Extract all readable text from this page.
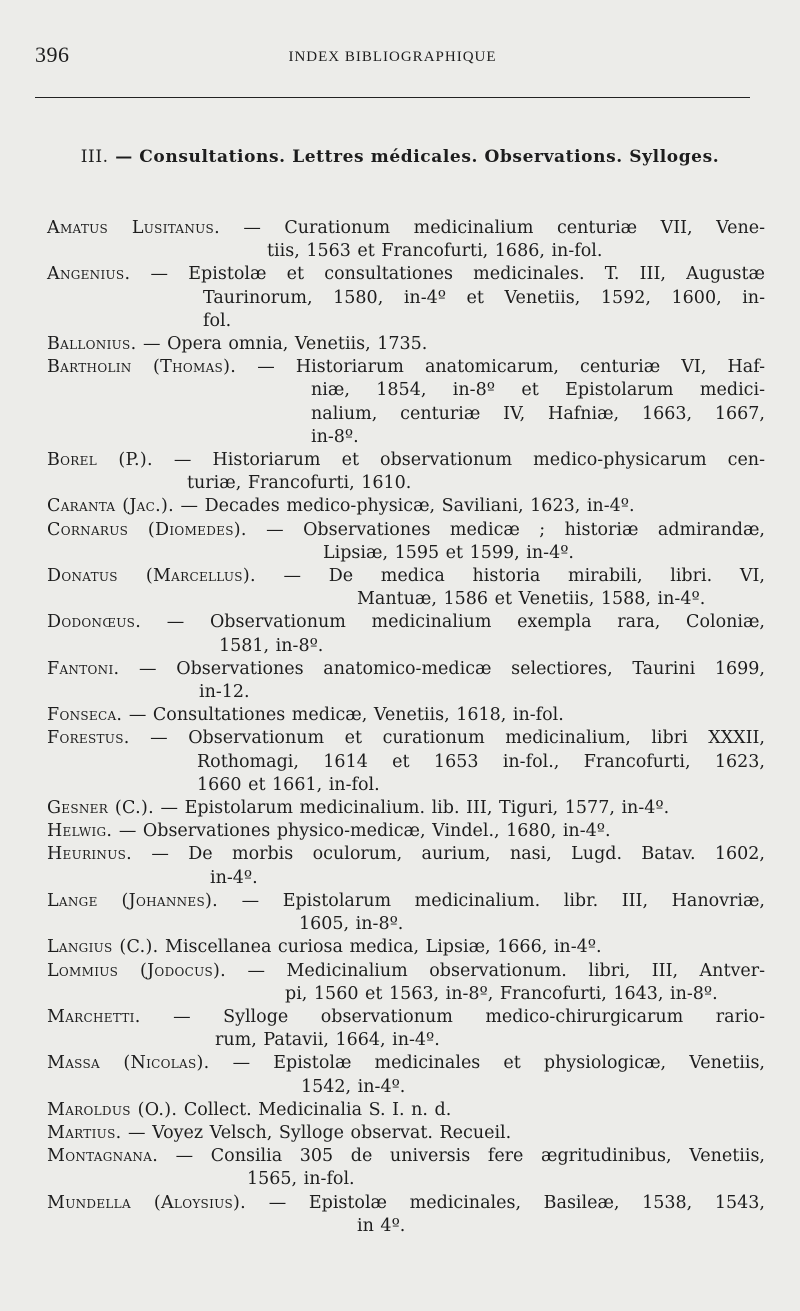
396	INDEX BIBLIOGRAPHIQUE
III. — Consultations. Lettres médicales. Observations. Sylloges.
Amatus Lusitanus. — Curationum medicinalium centuriæ VII, Vene-
tiis, 1563 et Francofurti, 1686, in-fol.
Angenius. — Epistolæ et consultationes medicinales. T. III, Augustæ
Taurinorum, 1580, in-4º et Venetiis, 1592, 1600, in-
fol.
Ballonius. — Opera omnia, Venetiis, 1735.
Bartholin (Thomas). — Historiarum anatomicarum, centuriæ VI, Haf-
niæ, 1854, in-8º et Epistolarum medici-
nalium, centuriæ IV, Hafniæ, 1663, 1667,
in-8º.
Borel (P.). — Historiarum et observationum medico-physicarum cen-
turiæ, Francofurti, 1610.
Caranta (Jac.). — Decades medico-physicæ, Saviliani, 1623, in-4º.
Cornarus (Diomedes). — Observationes medicæ ; historiæ admirandæ,
Lipsiæ, 1595 et 1599, in-4º.
Donatus (Marcellus). — De medica historia mirabili, libri. VI,
Mantuæ, 1586 et Venetiis, 1588, in-4º.
Dodonœus. — Observationum medicinalium exempla rara, Coloniæ,
1581, in-8º.
Fantoni. — Observationes anatomico-medicæ selectiores, Taurini 1699,
in-12.
Fonseca. — Consultationes medicæ, Venetiis, 1618, in-fol.
Forestus. — Observationum et curationum medicinalium, libri XXXII,
Rothomagi, 1614 et 1653 in-fol., Francofurti, 1623,
1660 et 1661, in-fol.
Gesner (C.). — Epistolarum medicinalium. lib. III, Tiguri, 1577, in-4º.
Helwig. — Observationes physico-medicæ, Vindel., 1680, in-4º.
Heurinus. — De morbis oculorum, aurium, nasi, Lugd. Batav. 1602,
in-4º.
Lange (Johannes). — Epistolarum medicinalium. libr. III, Hanovriæ,
1605, in-8º.
Langius (C.). Miscellanea curiosa medica, Lipsiæ, 1666, in-4º.
Lommius (Jodocus). — Medicinalium observationum. libri, III, Antver-
pi, 1560 et 1563, in-8º, Francofurti, 1643, in-8º.
Marchetti. — Sylloge observationum medico-chirurgicarum rario-
rum, Patavii, 1664, in-4º.
Massa (Nicolas). — Epistolæ medicinales et physiologicæ, Venetiis,
1542, in-4º.
Maroldus (O.). Collect. Medicinalia S. I. n. d.
Martius. — Voyez Velsch, Sylloge observat. Recueil.
Montagnana. — Consilia 305 de universis fere ægritudinibus, Venetiis,
1565, in-fol.
Mundella (Aloysius). — Epistolæ medicinales, Basileæ, 1538, 1543,
in 4º.
